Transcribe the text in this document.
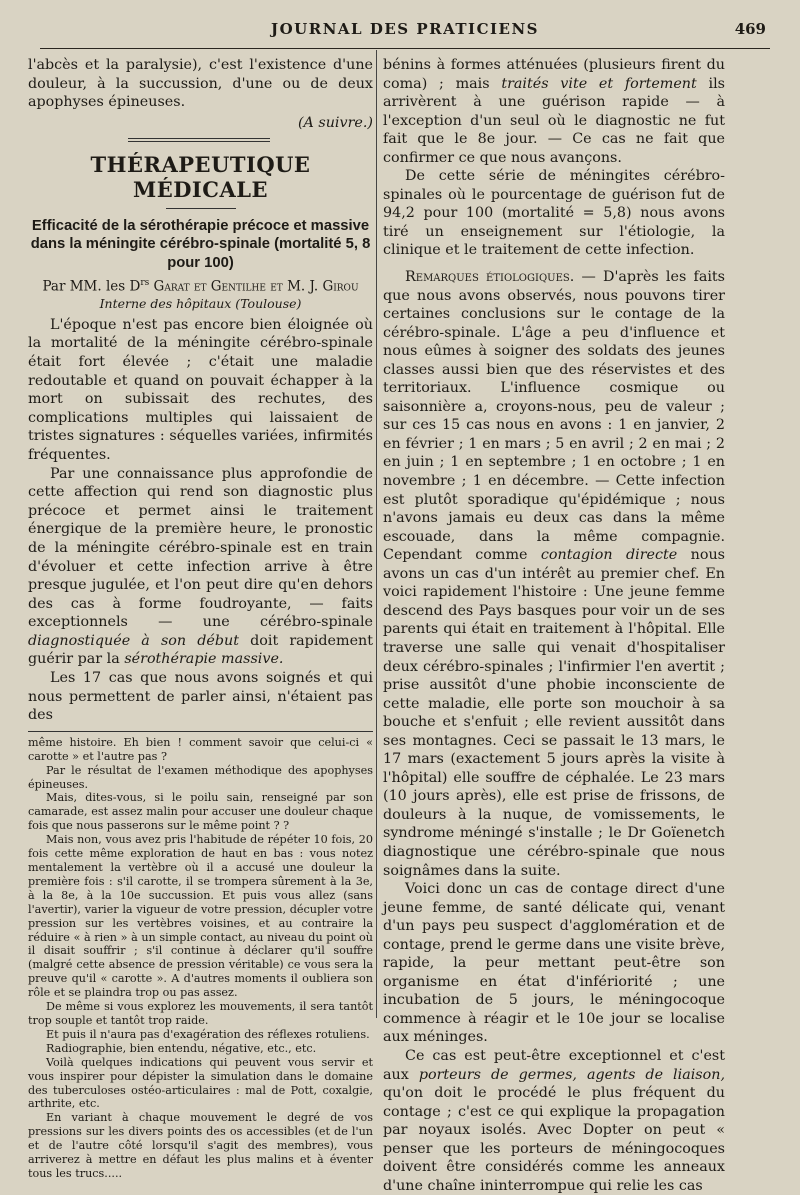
JOURNAL DES PRATICIENS	469

l'abcès et la paralysie), c'est l'existence d'une douleur, à la succussion, d'une ou de deux apophyses épineuses.

(A suivre.)
THÉRAPEUTIQUE MÉDICALE
Efficacité de la sérothérapie précoce et massive dans la méningite cérébro-spinale (mortalité 5, 8 pour 100)
Par MM. les $D^{rs}$ Garat et Gentilhe et M. J. Girou
Interne des hôpitaux (Toulouse)

L'époque n'est pas encore bien éloignée où la mortalité de la méningite cérébro-spinale était fort élevée ; c'était une maladie redoutable et quand on pouvait échapper à la mort on subissait des rechutes, des complications multiples qui laissaient de tristes signatures : séquelles variées, infirmités fréquentes.

Par une connaissance plus approfondie de cette affection qui rend son diagnostic plus précoce et permet ainsi le traitement énergique de la première heure, le pronostic de la méningite cérébro-spinale est en train d'évoluer et cette infection arrive à être presque jugulée, et l'on peut dire qu'en dehors des cas à forme foudroyante, — faits exceptionnels — une cérébro-spinale diagnostiquée à son début doit rapidement guérir par la sérothérapie massive.

Les 17 cas que nous avons soignés et qui nous permettent de parler ainsi, n'étaient pas des

même histoire. Eh bien ! comment savoir que celui-ci « carotte » et l'autre pas ?

Par le résultat de l'examen méthodique des apophyses épineuses.

Mais, dites-vous, si le poilu sain, renseigné par son camarade, est assez malin pour accuser une douleur chaque fois que nous passerons sur le même point ? ?

Mais non, vous avez pris l'habitude de répéter 10 fois, 20 fois cette même exploration de haut en bas : vous notez mentalement la vertèbre où il a accusé une douleur la première fois : s'il carotte, il se trompera sûrement à la 3e, à la 8e, à la 10e succussion. Et puis vous allez (sans l'avertir), varier la vigueur de votre pression, décupler votre pression sur les vertèbres voisines, et au contraire la réduire « à rien » à un simple contact, au niveau du point où il disait souffrir ; s'il continue à déclarer qu'il souffre (malgré cette absence de pression véritable) ce vous sera la preuve qu'il « carotte ». A d'autres moments il oubliera son rôle et se plaindra trop ou pas assez.

De même si vous explorez les mouvements, il sera tantôt trop souple et tantôt trop raide.

Et puis il n'aura pas d'exagération des réflexes rotuliens.

Radiographie, bien entendu, négative, etc., etc.

Voilà quelques indications qui peuvent vous servir et vous inspirer pour dépister la simulation dans le domaine des tuberculoses ostéo-articulaires : mal de Pott, coxalgie, arthrite, etc.

En variant à chaque mouvement le degré de vos pressions sur les divers points des os accessibles (et de l'un et de l'autre côté lorsqu'il s'agit des membres), vous arriverez à mettre en défaut les plus malins et à éventer tous les trucs.....

bénins à formes atténuées (plusieurs firent du coma) ; mais traités vite et fortement ils arrivèrent à une guérison rapide — à l'exception d'un seul où le diagnostic ne fut fait que le 8e jour. — Ce cas ne fait que confirmer ce que nous avançons.

De cette série de méningites cérébro-spinales où le pourcentage de guérison fut de 94,2 pour 100 (mortalité = 5,8) nous avons tiré un enseignement sur l'étiologie, la clinique et le traitement de cette infection.

Remarques étiologiques. — D'après les faits que nous avons observés, nous pouvons tirer certaines conclusions sur le contage de la cérébro-spinale. L'âge a peu d'influence et nous eûmes à soigner des soldats des jeunes classes aussi bien que des réservistes et des territoriaux. L'influence cosmique ou saisonnière a, croyons-nous, peu de valeur ; sur ces 15 cas nous en avons : 1 en janvier, 2 en février ; 1 en mars ; 5 en avril ; 2 en mai ; 2 en juin ; 1 en septembre ; 1 en octobre ; 1 en novembre ; 1 en décembre. — Cette infection est plutôt sporadique qu'épidémique ; nous n'avons jamais eu deux cas dans la même escouade, dans la même compagnie. Cependant comme contagion directe nous avons un cas d'un intérêt au premier chef. En voici rapidement l'histoire : Une jeune femme descend des Pays basques pour voir un de ses parents qui était en traitement à l'hôpital. Elle traverse une salle qui venait d'hospitaliser deux cérébro-spinales ; l'infirmier l'en avertit ; prise aussitôt d'une phobie inconsciente de cette maladie, elle porte son mouchoir à sa bouche et s'enfuit ; elle revient aussitôt dans ses montagnes. Ceci se passait le 13 mars, le 17 mars (exactement 5 jours après la visite à l'hôpital) elle souffre de céphalée. Le 23 mars (10 jours après), elle est prise de frissons, de douleurs à la nuque, de vomissements, le syndrome méningé s'installe ; le Dr Goïenetch diagnostique une cérébro-spinale que nous soignâmes dans la suite.

Voici donc un cas de contage direct d'une jeune femme, de santé délicate qui, venant d'un pays peu suspect d'agglomération et de contage, prend le germe dans une visite brève, rapide, la peur mettant peut-être son organisme en état d'infériorité ; une incubation de 5 jours, le méningocoque commence à réagir et le 10e jour se localise aux méninges.

Ce cas est peut-être exceptionnel et c'est aux porteurs de germes, agents de liaison, qu'on doit le procédé le plus fréquent du contage ; c'est ce qui explique la propagation par noyaux isolés. Avec Dopter on peut « penser que les porteurs de méningocoques doivent être considérés comme les anneaux d'une chaîne ininterrompue qui relie les cas
